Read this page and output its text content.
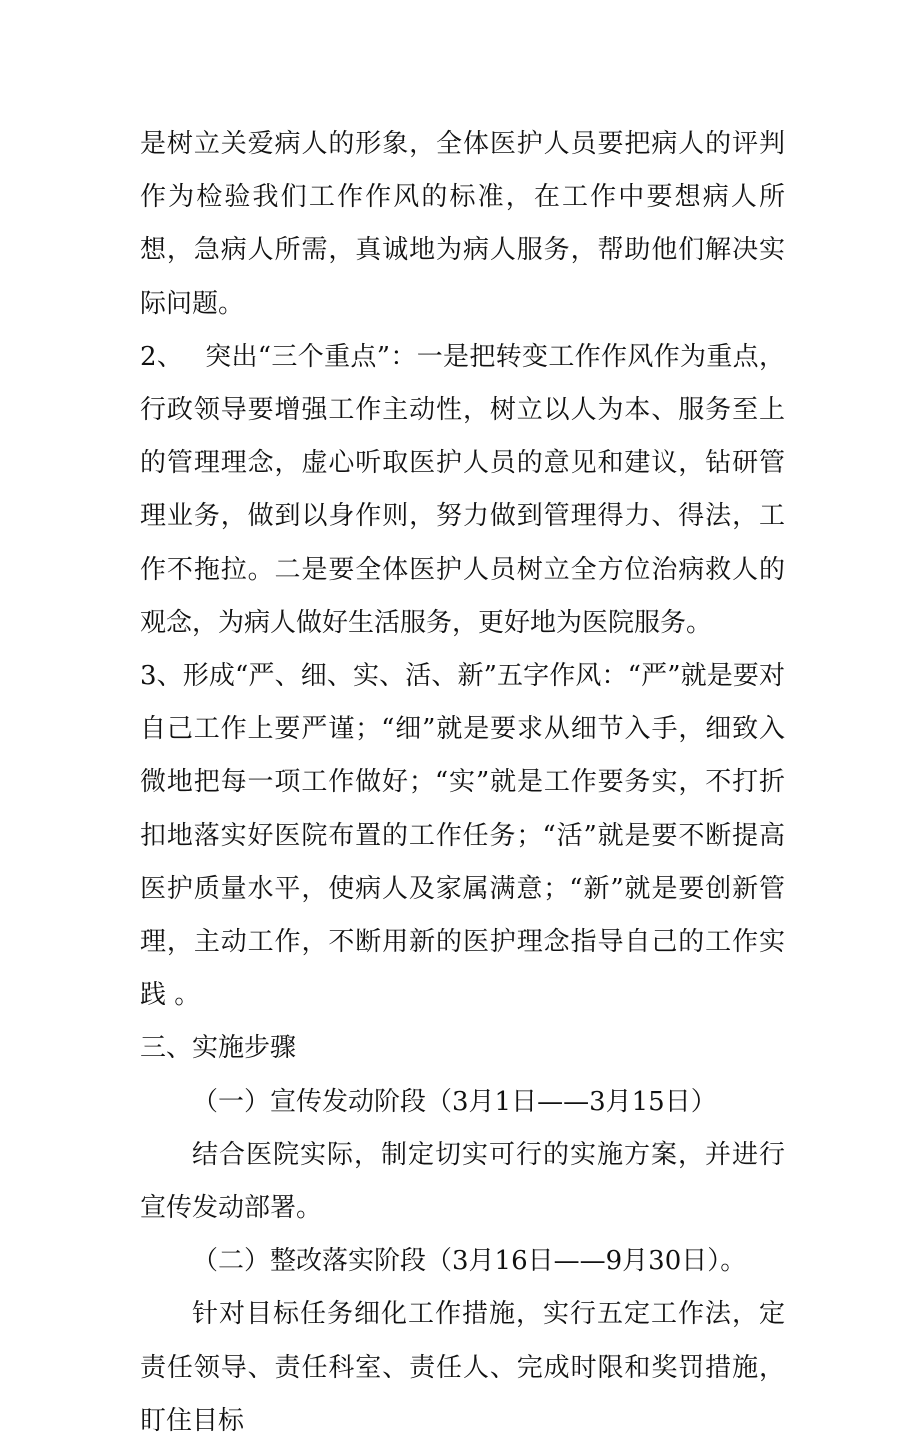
是树立关爱病人的形象，全体医护人员要把病人的评判作为检验我们工作作风的标准，在工作中要想病人所想，急病人所需，真诚地为病人服务，帮助他们解决实际问题。

2、　 突出“三个重点”：一是把转变工作作风作为重点，行政领导要增强工作主动性，树立以人为本、服务至上的管理理念，虚心听取医护人员的意见和建议，钻研管理业务，做到以身作则，努力做到管理得力、得法，工作不拖拉。二是要全体医护人员树立全方位治病救人的观念，为病人做好生活服务，更好地为医院服务。

3、形成“严、细、实、活、新”五字作风：“严”就是要对自己工作上要严谨；“细”就是要求从细节入手，细致入微地把每一项工作做好；“实”就是工作要务实，不打折扣地落实好医院布置的工作任务；“活”就是要不断提高医护质量水平，使病人及家属满意；“新”就是要创新管理，主动工作，不断用新的医护理念指导自己的工作实践 。

三、实施步骤

（一）宣传发动阶段（3月1日——3月15日）

结合医院实际，制定切实可行的实施方案，并进行宣传发动部署。

（二）整改落实阶段（3月16日——9月30日）。

针对目标任务细化工作措施，实行五定工作法，定责任领导、责任科室、责任人、完成时限和奖罚措施，盯住目标
